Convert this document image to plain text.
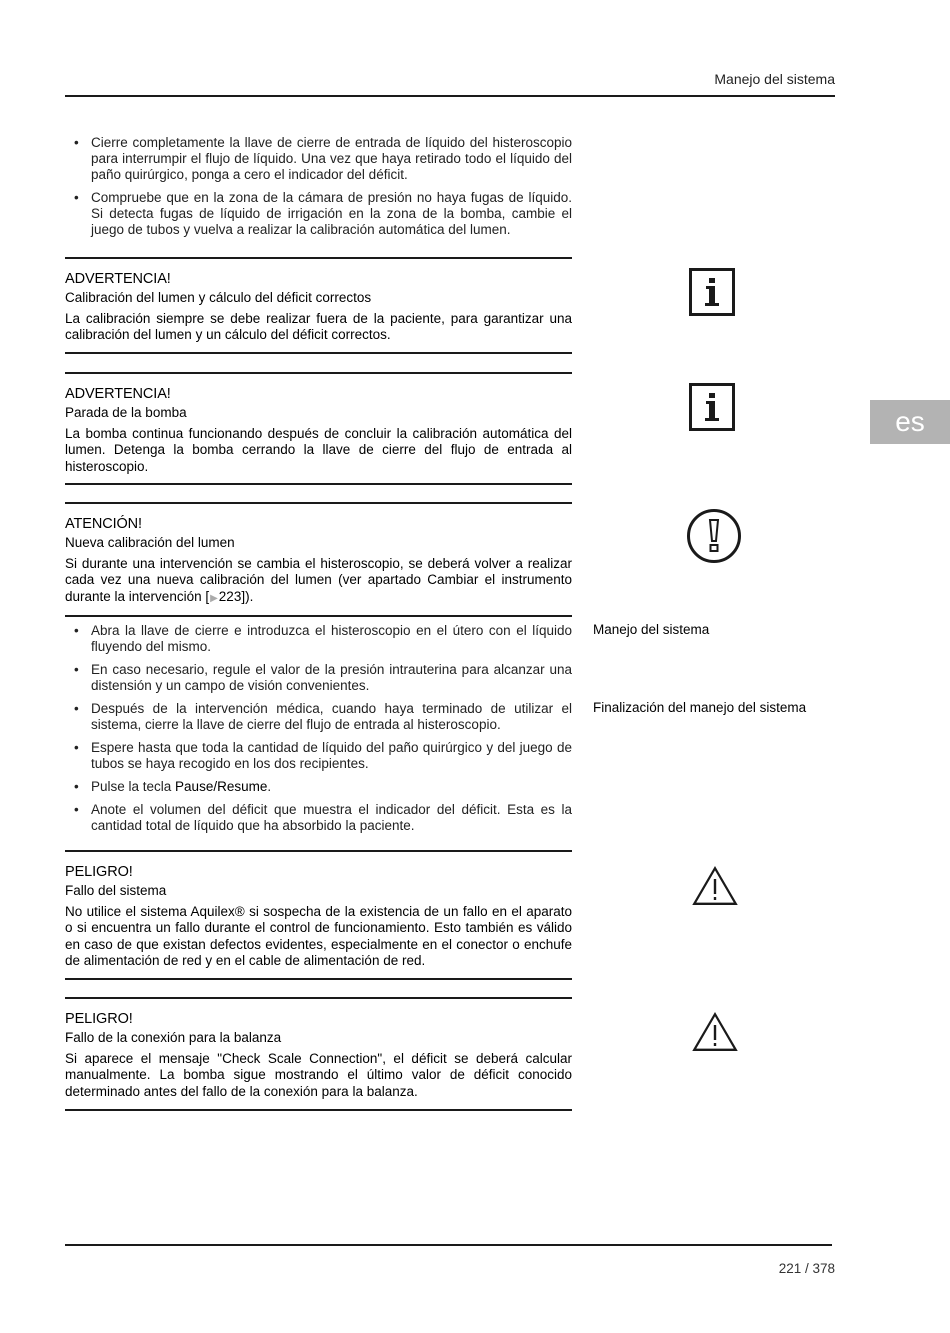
Manejo del sistema
es
• Cierre completamente la llave de cierre de entrada de líquido del histeroscopio para interrumpir el flujo de líquido. Una vez que haya retirado todo el líquido del paño quirúrgico, ponga a cero el indicador del déficit.
• Compruebe que en la zona de la cámara de presión no haya fugas de líquido. Si detecta fugas de líquido de irrigación en la zona de la bomba, cambie el juego de tubos y vuelva a realizar la calibración automática del lumen.
ADVERTENCIA!
Calibración del lumen y cálculo del déficit correctos
La calibración siempre se debe realizar fuera de la paciente, para garantizar una calibración del lumen y un cálculo del déficit correctos.
ADVERTENCIA!
Parada de la bomba
La bomba continua funcionando después de concluir la calibración automática del lumen. Detenga la bomba cerrando la llave de cierre del flujo de entrada al histeroscopio.
ATENCIÓN!
Nueva calibración del lumen
Si durante una intervención se cambia el histeroscopio, se deberá volver a realizar cada vez una nueva calibración del lumen (ver apartado Cambiar el instrumento durante la intervención [▶223]).
• Abra la llave de cierre e introduzca el histeroscopio en el útero con el líquido fluyendo del mismo.
• En caso necesario, regule el valor de la presión intrauterina para alcanzar una distensión y un campo de visión convenientes.
• Después de la intervención médica, cuando haya terminado de utilizar el sistema, cierre la llave de cierre del flujo de entrada al histeroscopio.
• Espere hasta que toda la cantidad de líquido del paño quirúrgico y del juego de tubos se haya recogido en los dos recipientes.
• Pulse la tecla Pause/Resume.
• Anote el volumen del déficit que muestra el indicador del déficit. Esta es la cantidad total de líquido que ha absorbido la paciente.
Manejo del sistema
Finalización del manejo del sistema
PELIGRO!
Fallo del sistema
No utilice el sistema Aquilex® si sospecha de la existencia de un fallo en el aparato o si encuentra un fallo durante el control de funcionamiento. Esto también es válido en caso de que existan defectos evidentes, especialmente en el conector o enchufe de alimentación de red y en el cable de alimentación de red.
PELIGRO!
Fallo de la conexión para la balanza
Si aparece el mensaje "Check Scale Connection", el déficit se deberá calcular manualmente. La bomba sigue mostrando el último valor de déficit conocido determinado antes del fallo de la conexión para la balanza.
221 / 378
